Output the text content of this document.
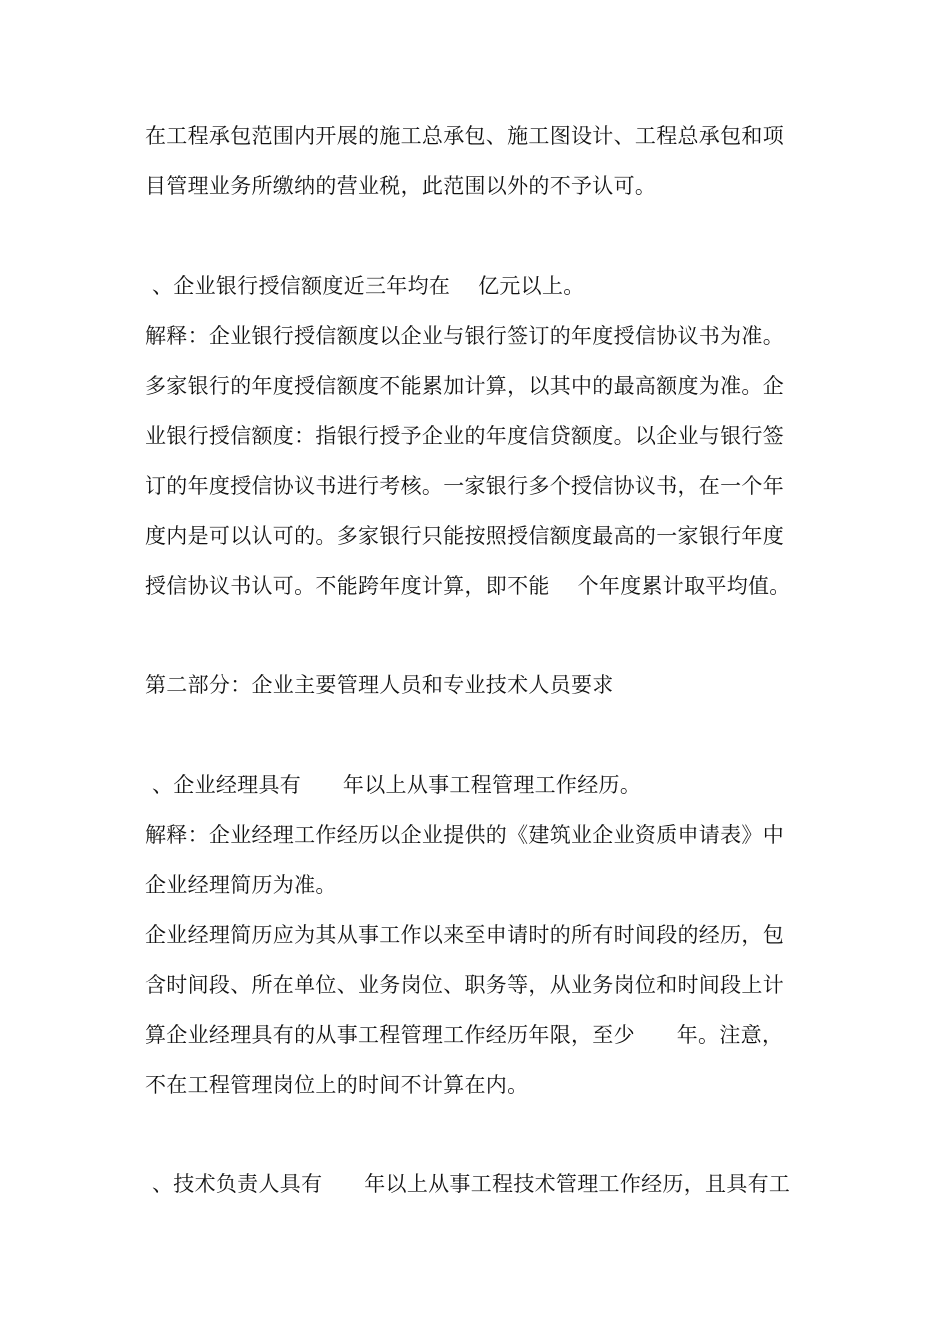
在工程承包范围内开展的施工总承包、施工图设计、工程总承包和项
目管理业务所缴纳的营业税，此范围以外的不予认可。
、企业银行授信额度近三年均在    亿元以上。
解释：企业银行授信额度以企业与银行签订的年度授信协议书为准。
多家银行的年度授信额度不能累加计算，以其中的最高额度为准。企
业银行授信额度：指银行授予企业的年度信贷额度。以企业与银行签
订的年度授信协议书进行考核。一家银行多个授信协议书，在一个年
度内是可以认可的。多家银行只能按照授信额度最高的一家银行年度
授信协议书认可。不能跨年度计算，即不能    个年度累计取平均值。
第二部分：企业主要管理人员和专业技术人员要求
、企业经理具有      年以上从事工程管理工作经历。
解释：企业经理工作经历以企业提供的《建筑业企业资质申请表》中
企业经理简历为准。
企业经理简历应为其从事工作以来至申请时的所有时间段的经历，包
含时间段、所在单位、业务岗位、职务等，从业务岗位和时间段上计
算企业经理具有的从事工程管理工作经历年限，至少      年。注意，
不在工程管理岗位上的时间不计算在内。
、技术负责人具有      年以上从事工程技术管理工作经历，且具有工
